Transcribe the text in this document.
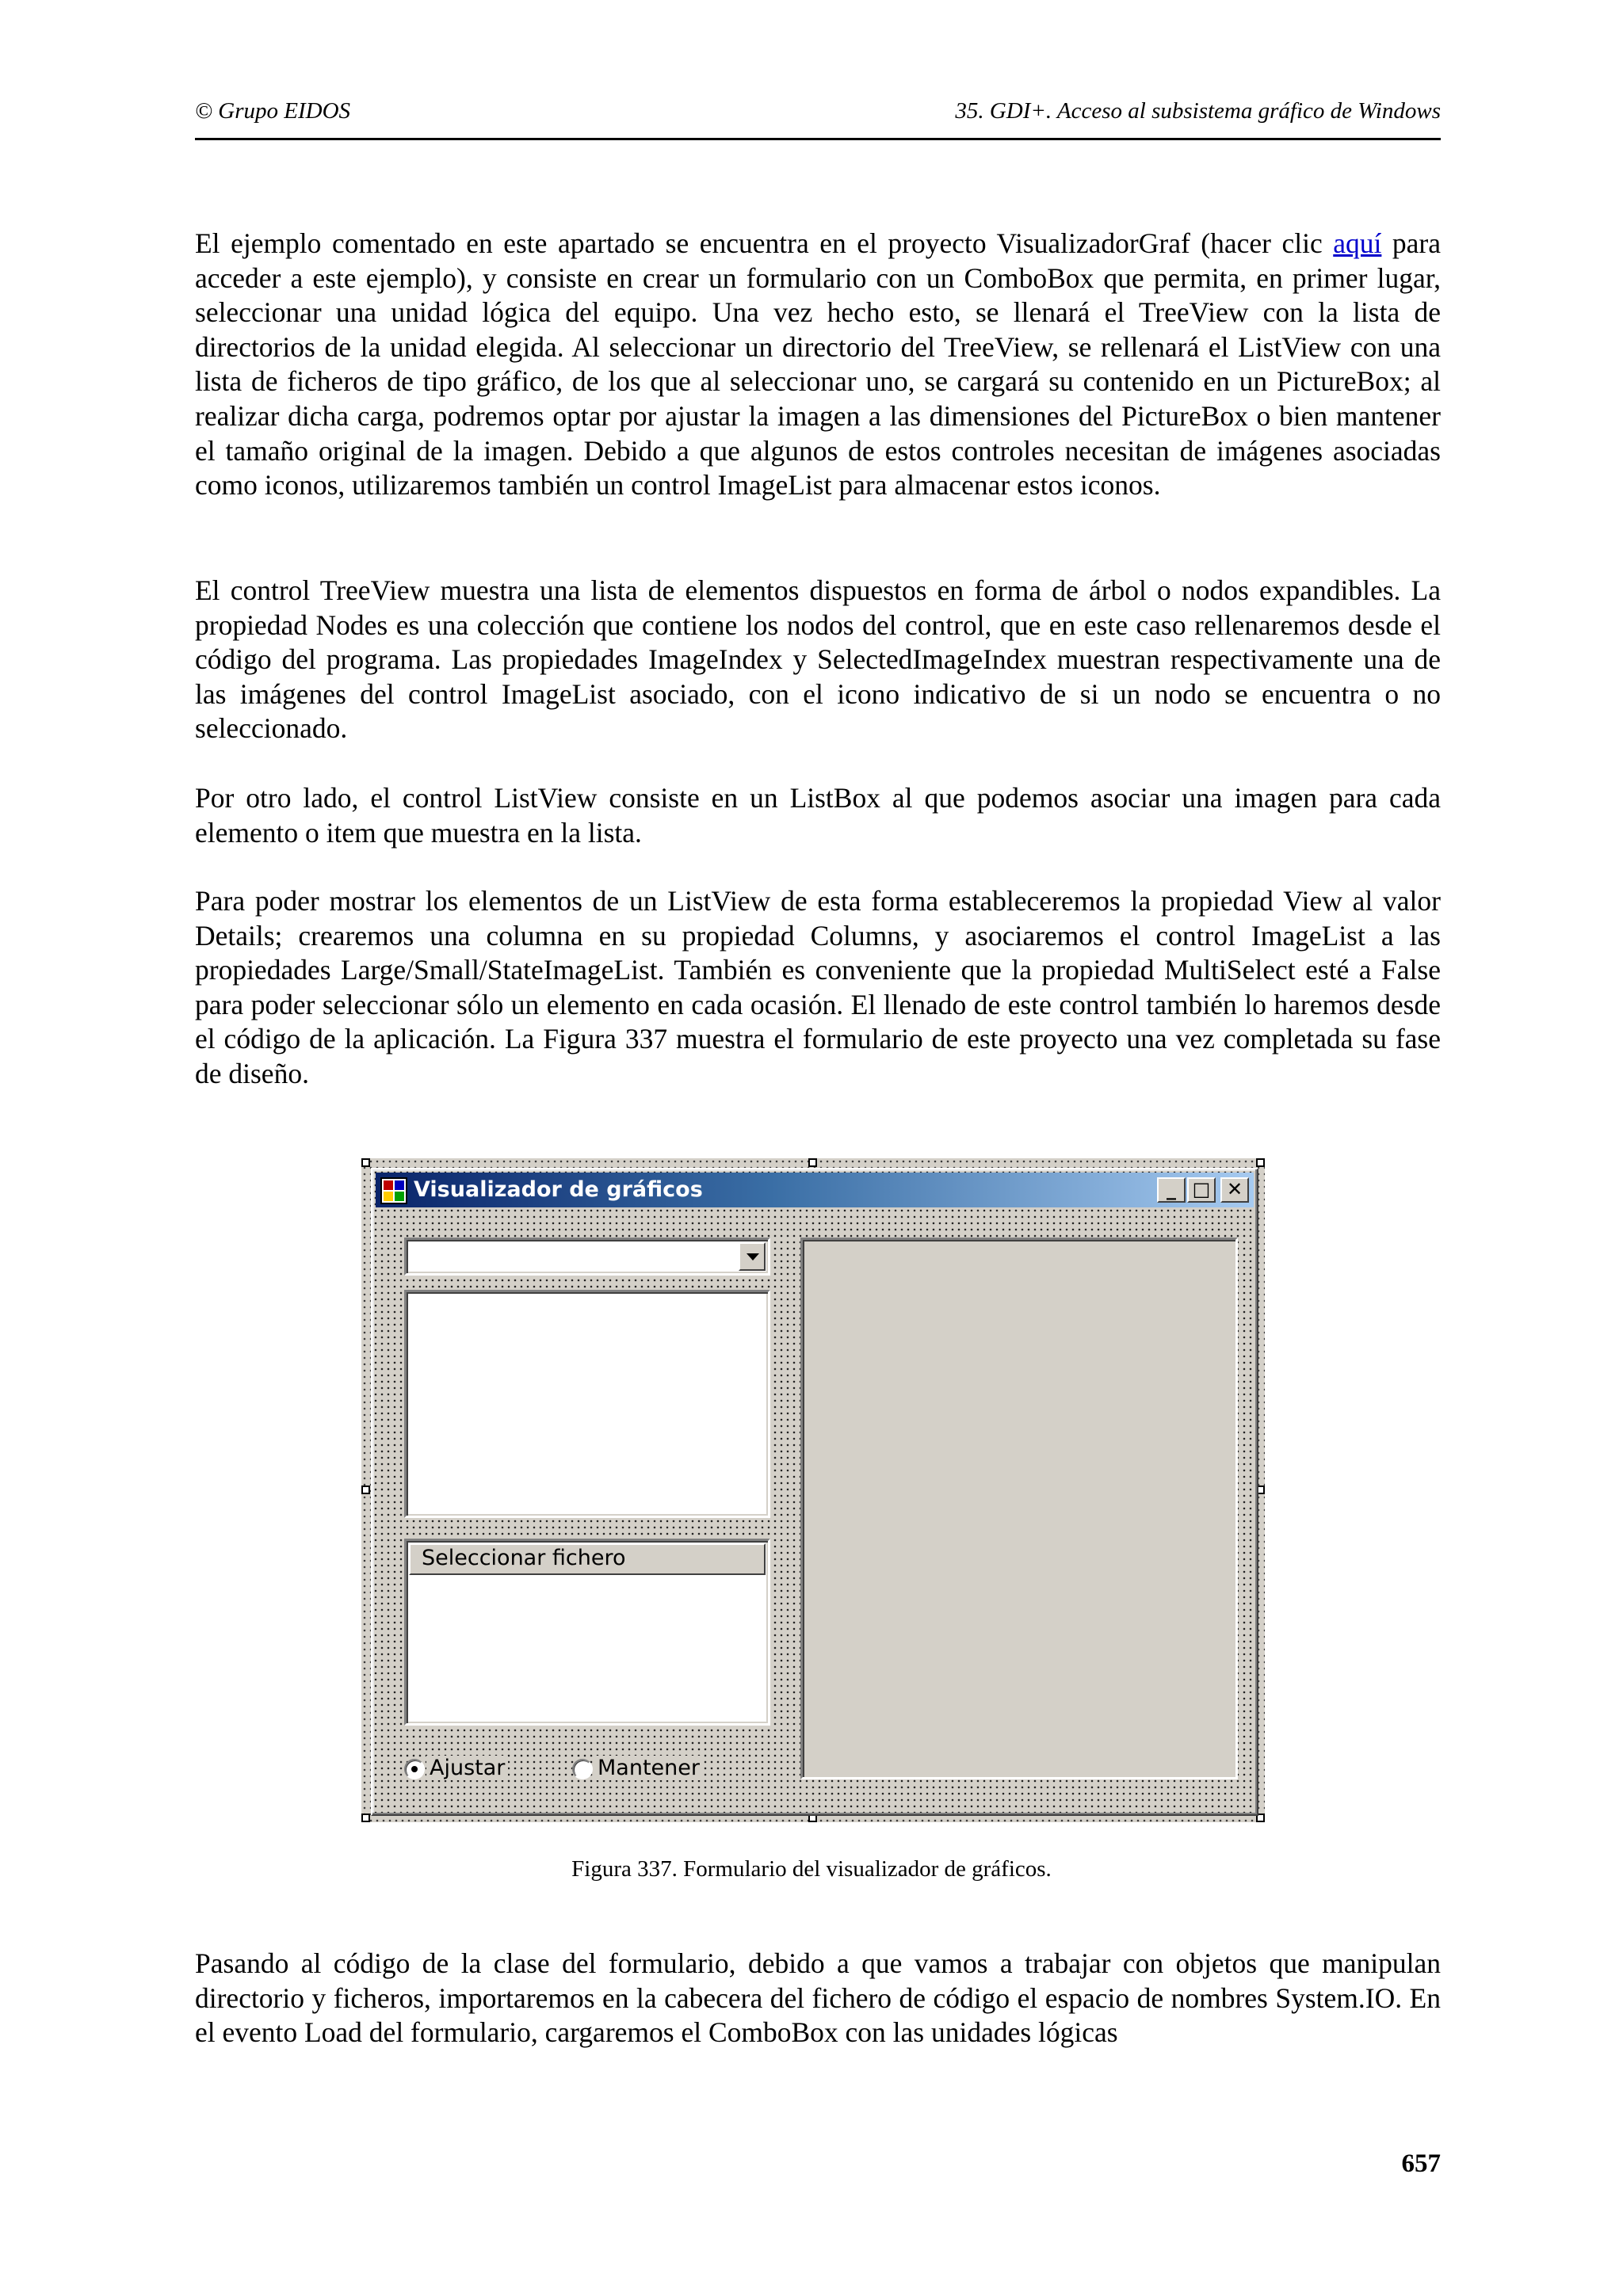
© Grupo EIDOS	35. GDI+. Acceso al subsistema gráfico de Windows

El ejemplo comentado en este apartado se encuentra en el proyecto VisualizadorGraf (hacer clic aquí para acceder a este ejemplo), y consiste en crear un formulario con un ComboBox que permita, en primer lugar, seleccionar una unidad lógica del equipo. Una vez hecho esto, se llenará el TreeView con la lista de directorios de la unidad elegida. Al seleccionar un directorio del TreeView, se rellenará el ListView con una lista de ficheros de tipo gráfico, de los que al seleccionar uno, se cargará su contenido en un PictureBox; al realizar dicha carga, podremos optar por ajustar la imagen a las dimensiones del PictureBox o bien mantener el tamaño original de la imagen. Debido a que algunos de estos controles necesitan de imágenes asociadas como iconos, utilizaremos también un control ImageList para almacenar estos iconos.

El control TreeView muestra una lista de elementos dispuestos en forma de árbol o nodos expandibles. La propiedad Nodes es una colección que contiene los nodos del control, que en este caso rellenaremos desde el código del programa. Las propiedades ImageIndex y SelectedImageIndex muestran respectivamente una de las imágenes del control ImageList asociado, con el icono indicativo de si un nodo se encuentra o no seleccionado.

Por otro lado, el control ListView consiste en un ListBox al que podemos asociar una imagen para cada elemento o item que muestra en la lista.

Para poder mostrar los elementos de un ListView de esta forma estableceremos la propiedad View al valor Details; crearemos una columna en su propiedad Columns, y asociaremos el control ImageList a las propiedades Large/Small/StateImageList. También es conveniente que la propiedad MultiSelect esté a False para poder seleccionar sólo un elemento en cada ocasión. El llenado de este control también lo haremos desde el código de la aplicación. La Figura 337 muestra el formulario de este proyecto una vez completada su fase de diseño.

Visualizador de gráficos	_ □ ✕
Seleccionar fichero
Ajustar	Mantener
Figura 337. Formulario del visualizador de gráficos.

Pasando al código de la clase del formulario, debido a que vamos a trabajar con objetos que manipulan directorio y ficheros, importaremos en la cabecera del fichero de código el espacio de nombres System.IO. En el evento Load del formulario, cargaremos el ComboBox con las unidades lógicas

657
